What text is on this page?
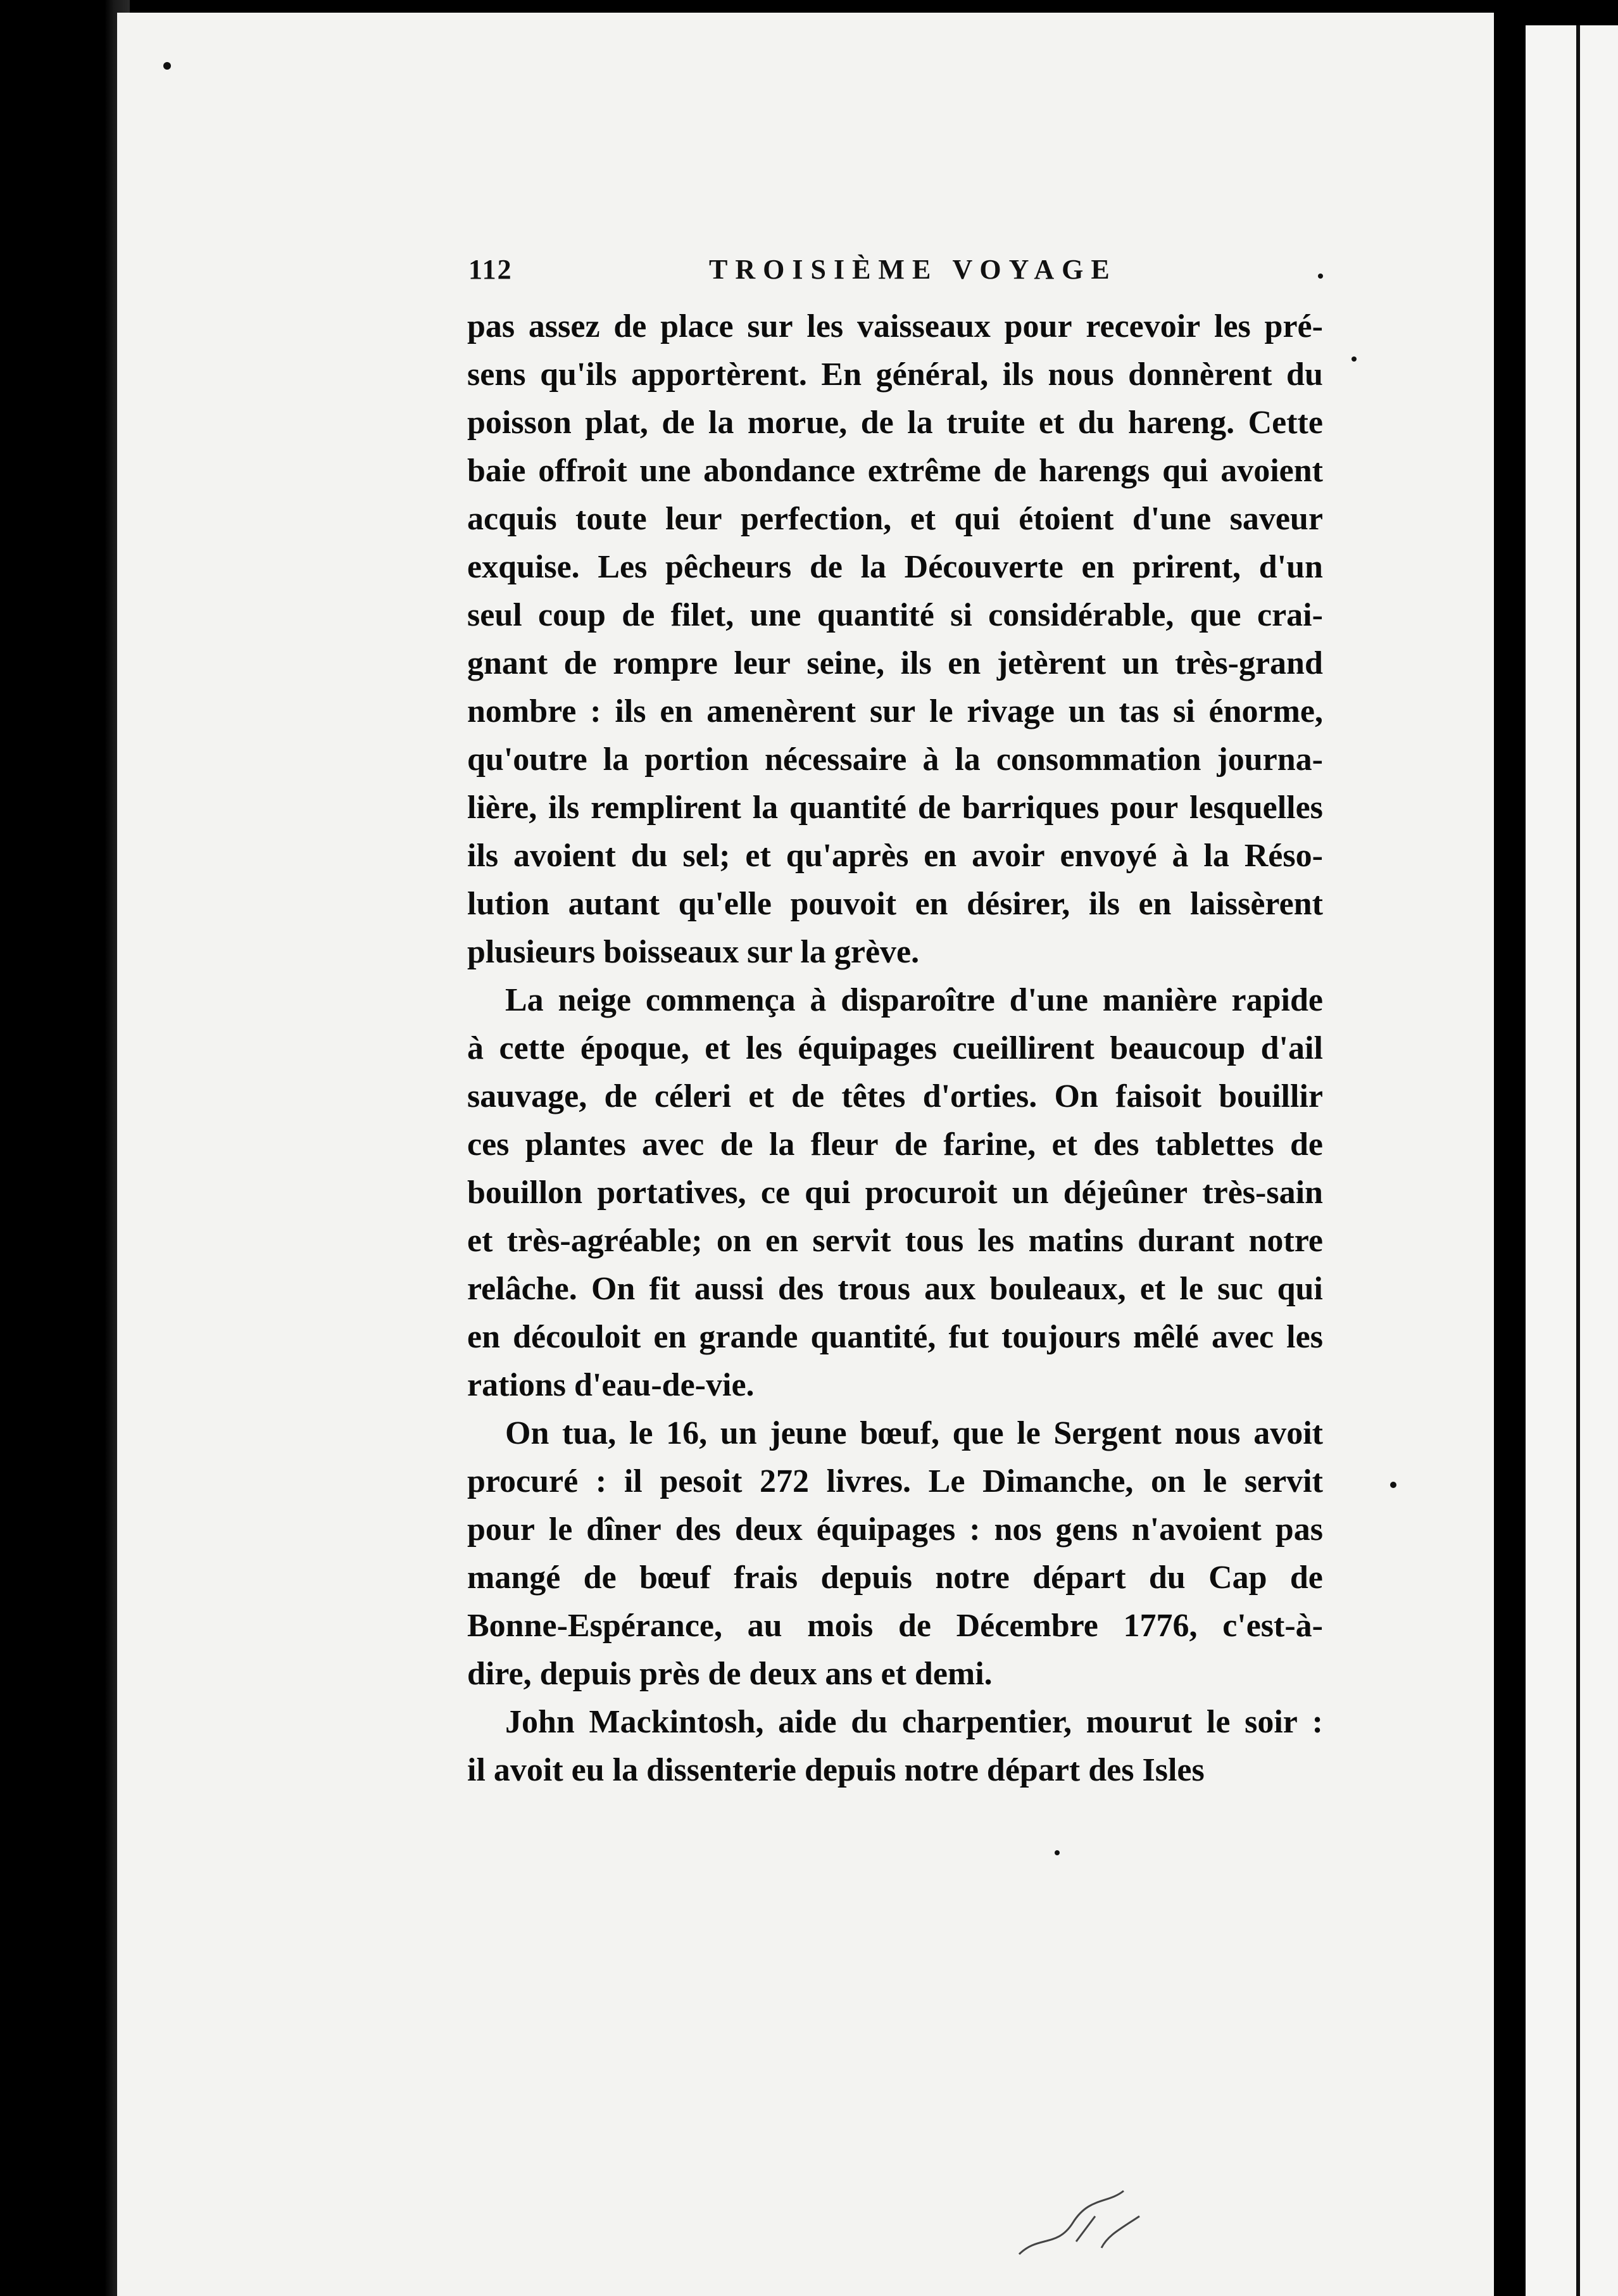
112	TROISIÈME VOYAGE
pas assez de place sur les vaisseaux pour recevoir les pré-
sens qu'ils apportèrent. En général, ils nous donnèrent du
poisson plat, de la morue, de la truite et du hareng. Cette
baie offroit une abondance extrême de harengs qui avoient
acquis toute leur perfection, et qui étoient d'une saveur
exquise. Les pêcheurs de la Découverte en prirent, d'un
seul coup de filet, une quantité si considérable, que crai-
gnant de rompre leur seine, ils en jetèrent un très-grand
nombre : ils en amenèrent sur le rivage un tas si énorme,
qu'outre la portion nécessaire à la consommation journa-
lière, ils remplirent la quantité de barriques pour lesquelles
ils avoient du sel; et qu'après en avoir envoyé à la Réso-
lution autant qu'elle pouvoit en désirer, ils en laissèrent
plusieurs boisseaux sur la grève.
La neige commença à disparoître d'une manière rapide
à cette époque, et les équipages cueillirent beaucoup d'ail
sauvage, de céleri et de têtes d'orties. On faisoit bouillir
ces plantes avec de la fleur de farine, et des tablettes de
bouillon portatives, ce qui procuroit un déjeûner très-sain
et très-agréable; on en servit tous les matins durant notre
relâche. On fit aussi des trous aux bouleaux, et le suc qui
en découloit en grande quantité, fut toujours mêlé avec les
rations d'eau-de-vie.
On tua, le 16, un jeune bœuf, que le Sergent nous avoit
procuré : il pesoit 272 livres. Le Dimanche, on le servit
pour le dîner des deux équipages : nos gens n'avoient pas
mangé de bœuf frais depuis notre départ du Cap de
Bonne-Espérance, au mois de Décembre 1776, c'est-à-
dire, depuis près de deux ans et demi.
John Mackintosh, aide du charpentier, mourut le soir :
il avoit eu la dissenterie depuis notre départ des Isles
